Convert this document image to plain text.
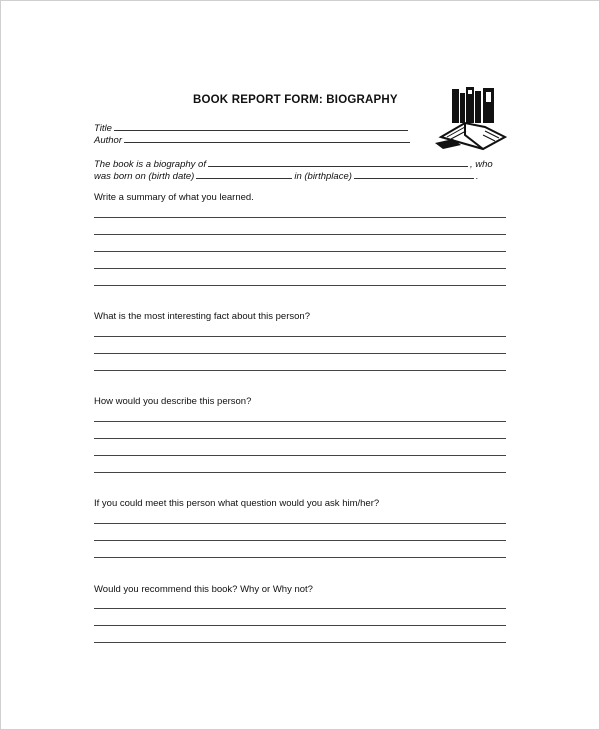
BOOK REPORT FORM: BIOGRAPHY
Title
Author
The book is a biography of	, who
was born on (birth date)	in (birthplace)	.
Write a summary of what you learned.
What is the most interesting fact about this person?
How would you describe this person?
If you could meet this person what question would you ask him/her?
Would you recommend this book? Why or Why not?
